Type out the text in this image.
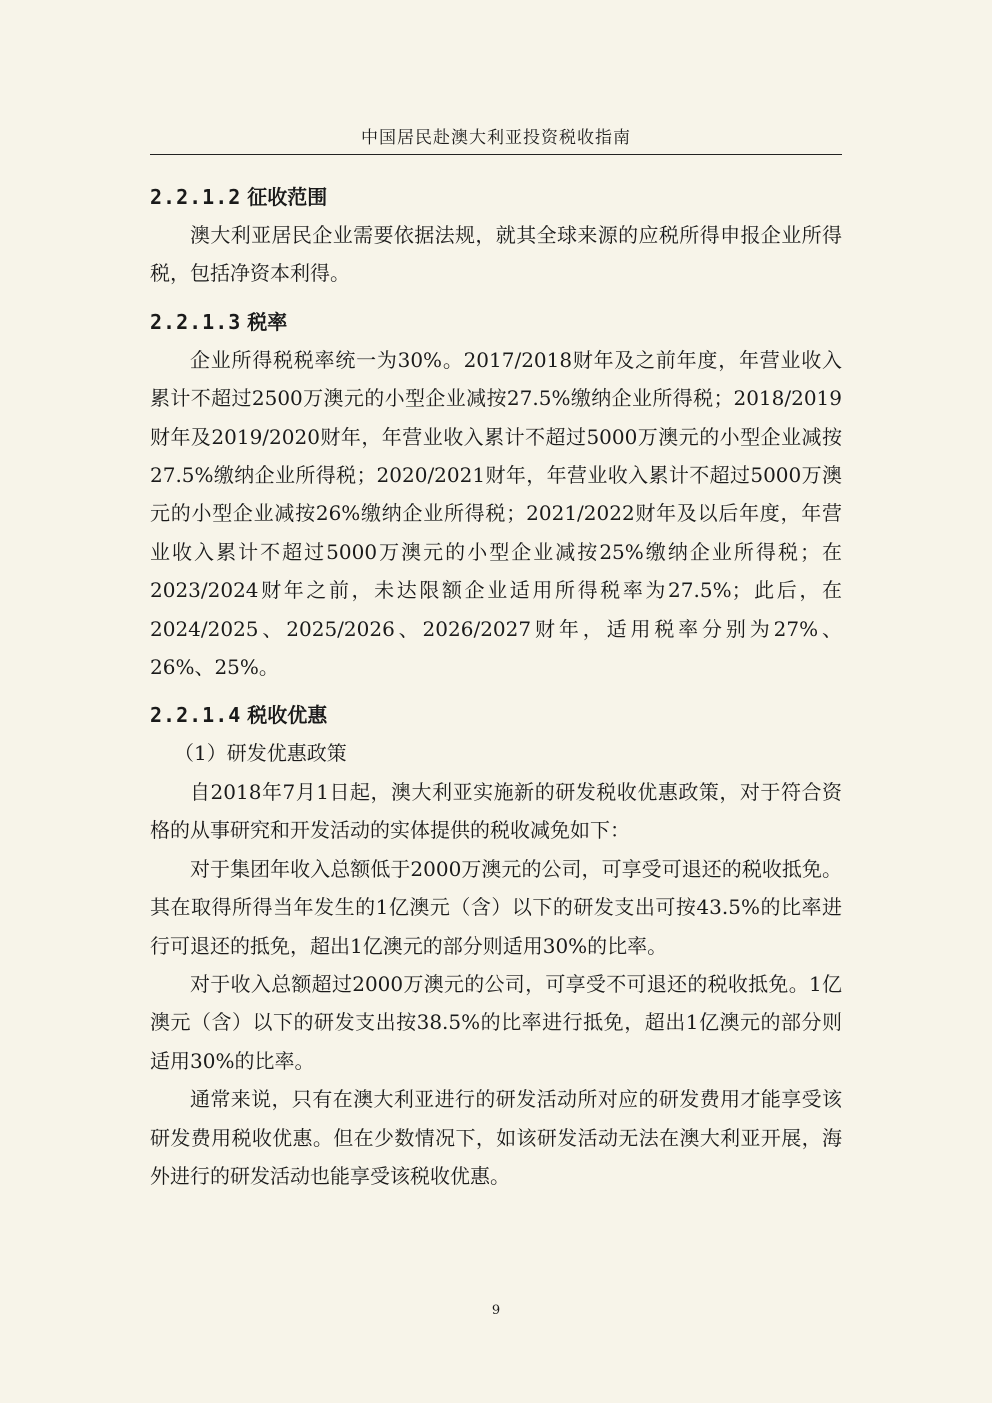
中国居民赴澳大利亚投资税收指南
2.2.1.2 征收范围

澳大利亚居民企业需要依据法规，就其全球来源的应税所得申报企业所得税，包括净资本利得。

2.2.1.3 税率

企业所得税税率统一为30%。2017/2018财年及之前年度，年营业收入累计不超过2500万澳元的小型企业减按27.5%缴纳企业所得税；2018/2019财年及2019/2020财年，年营业收入累计不超过5000万澳元的小型企业减按27.5%缴纳企业所得税；2020/2021财年，年营业收入累计不超过5000万澳元的小型企业减按26%缴纳企业所得税；2021/2022财年及以后年度，年营业收入累计不超过5000万澳元的小型企业减按25%缴纳企业所得税；在2023/2024财年之前，未达限额企业适用所得税率为27.5%；此后，在2024/2025、2025/2026、2026/2027财年，适用税率分别为27%、26%、25%。

2.2.1.4 税收优惠

（1）研发优惠政策

自2018年7月1日起，澳大利亚实施新的研发税收优惠政策，对于符合资格的从事研究和开发活动的实体提供的税收减免如下：

对于集团年收入总额低于2000万澳元的公司，可享受可退还的税收抵免。其在取得所得当年发生的1亿澳元（含）以下的研发支出可按43.5%的比率进行可退还的抵免，超出1亿澳元的部分则适用30%的比率。

对于收入总额超过2000万澳元的公司，可享受不可退还的税收抵免。1亿澳元（含）以下的研发支出按38.5%的比率进行抵免，超出1亿澳元的部分则适用30%的比率。

通常来说，只有在澳大利亚进行的研发活动所对应的研发费用才能享受该研发费用税收优惠。但在少数情况下，如该研发活动无法在澳大利亚开展，海外进行的研发活动也能享受该税收优惠。

9
